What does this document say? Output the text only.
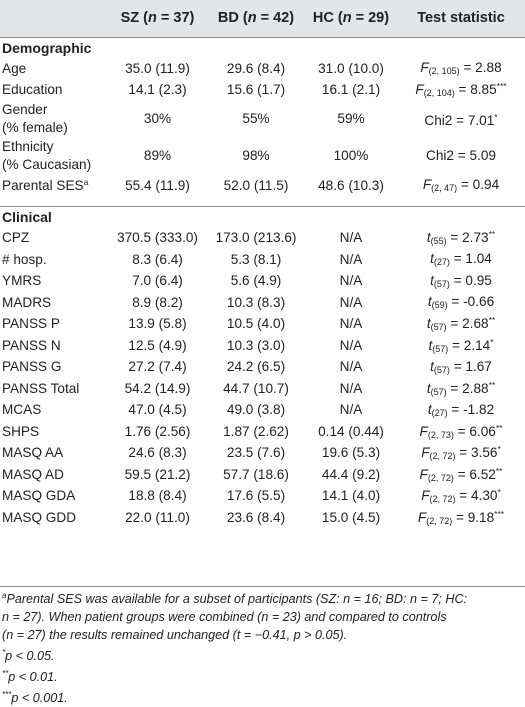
	SZ (n = 37)	BD (n = 42)	HC (n = 29)	Test statistic
Demographic				
Age	35.0 (11.9)	29.6 (8.4)	31.0 (10.0)	$F_{(2, 105)} = 2.88$
Education	14.1 (2.3)	15.6 (1.7)	16.1 (2.1)	$F_{(2, 104)} = 8.85^{***}$
Gender
(% female)	30%	55%	59%	Chi2 = 7.01*
Ethnicity
(% Caucasian)	89%	98%	100%	Chi2 = 5.09
Parental SES$^a$	55.4 (11.9)	52.0 (11.5)	48.6 (10.3)	$F_{(2, 47)} = 0.94$

Clinical				
CPZ	370.5 (333.0)	173.0 (213.6)	N/A	$t_{(55)} = 2.73^{**}$
# hosp.	8.3 (6.4)	5.3 (8.1)	N/A	$t_{(27)} = 1.04$
YMRS	7.0 (6.4)	5.6 (4.9)	N/A	$t_{(57)} = 0.95$
MADRS	8.9 (8.2)	10.3 (8.3)	N/A	$t_{(59)} = -0.66$
PANSS P	13.9 (5.8)	10.5 (4.0)	N/A	$t_{(57)} = 2.68^{**}$
PANSS N	12.5 (4.9)	10.3 (3.0)	N/A	$t_{(57)} = 2.14^*$
PANSS G	27.2 (7.4)	24.2 (6.5)	N/A	$t_{(57)} = 1.67$
PANSS Total	54.2 (14.9)	44.7 (10.7)	N/A	$t_{(57)} = 2.88^{**}$
MCAS	47.0 (4.5)	49.0 (3.8)	N/A	$t_{(27)} = -1.82$
SHPS	1.76 (2.56)	1.87 (2.62)	0.14 (0.44)	$F_{(2, 73)} = 6.06^{**}$
MASQ AA	24.6 (8.3)	23.5 (7.6)	19.6 (5.3)	$F_{(2, 72)} = 3.56^*$
MASQ AD	59.5 (21.2)	57.7 (18.6)	44.4 (9.2)	$F_{(2, 72)} = 6.52^{**}$
MASQ GDA	18.8 (8.4)	17.6 (5.5)	14.1 (4.0)	$F_{(2, 72)} = 4.30^*$
MASQ GDD	22.0 (11.0)	23.6 (8.4)	15.0 (4.5)	$F_{(2, 72)} = 9.18^{***}$
$^a$Parental SES was available for a subset of participants (SZ: n = 16; BD: n = 7; HC:
n = 27). When patient groups were combined (n = 23) and compared to controls
(n = 27) the results remained unchanged (t = −0.41, p > 0.05).
*p < 0.05.
**p < 0.01.
***p < 0.001.
